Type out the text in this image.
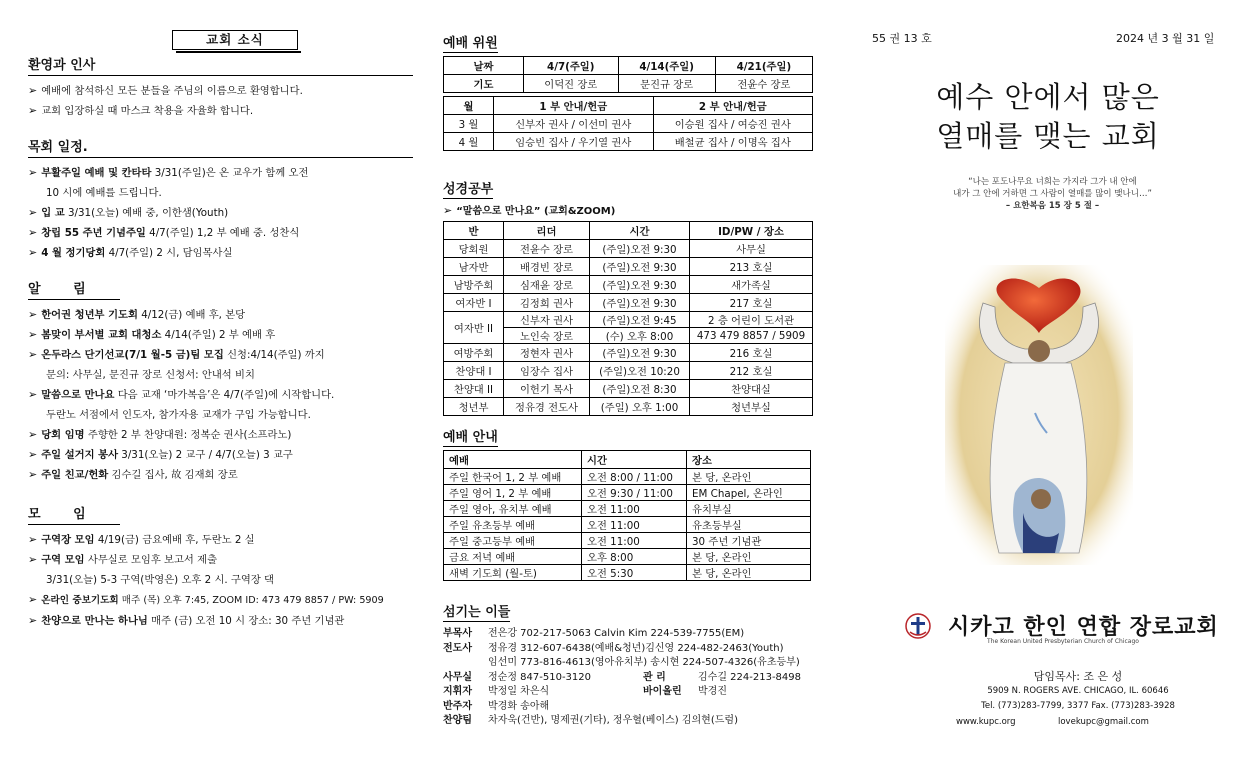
교회 소식
환영과 인사
➢ 예배에 참석하신 모든 분들을 주님의 이름으로 환영합니다.
➢ 교회 입장하실 때 마스크 착용을 자율화 합니다.
목회 일정.
➢ 부활주일 예배 및 칸타타 3/31(주일)은 온 교우가 함께 오전
10 시에 예배를 드립니다.
➢ 입 교 3/31(오늘) 예배 중, 이한샘(Youth)
➢ 창립 55 주년 기념주일 4/7(주일) 1,2 부 예배 중. 성찬식
➢ 4 월 정기당회 4/7(주일) 2 시, 담임목사실
알 림
➢ 한어권 청년부 기도회 4/12(금) 예배 후, 본당
➢ 봄맞이 부서별 교회 대청소 4/14(주일) 2 부 예배 후
➢ 온두라스 단기선교(7/1 월-5 금)팀 모집 신청:4/14(주일) 까지
문의: 사무실, 문진규 장로 신청서: 안내석 비치
➢ 말씀으로 만나요 다음 교재 ‘마가복음’은 4/7(주일)에 시작합니다.
두란노 서점에서 인도자, 참가자용 교재가 구입 가능합니다.
➢ 당회 임명 주향한 2 부 찬양대원: 정복순 권사(소프라노)
➢ 주일 설거지 봉사 3/31(오늘) 2 교구 / 4/7(오늘) 3 교구
➢ 주일 친교/헌화 김수길 집사, 故 김재희 장로
모 임
➢ 구역장 모임 4/19(금) 금요예배 후, 두란노 2 실
➢ 구역 모임 사무실로 모임후 보고서 제출
3/31(오늘) 5-3 구역(박영은) 오후 2 시. 구역장 댁
➢ 온라인 중보기도회 매주 (목) 오후 7:45, ZOOM ID: 473 479 8857 / PW: 5909
➢ 찬양으로 만나는 하나님 매주 (금) 오전 10 시 장소: 30 주년 기념관
예배 위원
날짜	4/7(주일)	4/14(주일)	4/21(주일)
기도	이덕진 장로	문진규 장로	전윤수 장로
월	1 부 안내/헌금	2 부 안내/헌금
3 월	신부자 권사 / 이선미 권사	이승원 집사 / 여승진 권사
4 월	임승빈 집사 / 우기열 권사	배철균 집사 / 이명옥 집사
성경공부
➢ “말씀으로 만나요” (교회&ZOOM)
반	리더	시간	ID/PW / 장소
당회원	전윤수 장로	(주일)오전 9:30	사무실
남자반	배경빈 장로	(주일)오전 9:30	213 호실
남방주회	심재윤 장로	(주일)오전 9:30	새가족실
여자반 I	김정희 권사	(주일)오전 9:30	217 호실
여자반 II	신부자 권사	(주일)오전 9:45	2 층 어린이 도서관
	노인숙 장로	(수) 오후 8:00	473 479 8857 / 5909
여방주회	정현자 권사	(주일)오전 9:30	216 호실
찬양대 I	임장수 집사	(주일)오전 10:20	212 호실
찬양대 II	이헌기 목사	(주일)오전 8:30	찬양대실
청년부	정유경 전도사	(주일) 오후 1:00	청년부실
예배 안내
예배	시간	장소
주일 한국어 1, 2 부 예배	오전 8:00 / 11:00	본 당, 온라인
주일 영어 1, 2 부 예배	오전 9:30 / 11:00	EM Chapel, 온라인
주일 영아, 유치부 예배	오전 11:00	유치부실
주일 유초등부 예배	오전 11:00	유초등부실
주일 중고등부 예배	오전 11:00	30 주년 기념관
금요 저녁 예배	오후 8:00	본 당, 온라인
새벽 기도회 (월-토)	오전 5:30	본 당, 온라인
섬기는 이들
부목사 전은강 702-217-5063 Calvin Kim 224-539-7755(EM)
전도사 정유경 312-607-6438(예배&청년)김신영 224-482-2463(Youth)
임선미 773-816-4613(영아유치부) 송시현 224-507-4326(유초등부)
사무실 정순정 847-510-3120	관 리	김수길 224-213-8498
지휘자 박정일 차은식	바이올린 박경진
반주자 박경화 송아해
찬양팀 차자욱(건반), 명제권(기타), 정우혈(베이스) 김의현(드럼)
55 권 13 호	2024 년 3 월 31 일
예수 안에서 많은
열매를 맺는 교회
“나는 포도나무요 너희는 가지라 그가 내 안에
내가 그 안에 거하면 그 사람이 열매를 많이 맺나니…”
– 요한복음 15 장 5 절 –
시카고 한인 연합 장로교회
The Korean United Presbyterian Church of Chicago
담임목사: 조 은 성
5909 N. ROGERS AVE. CHICAGO, IL. 60646
Tel. (773)283-7799, 3377 Fax. (773)283-3928
www.kupc.org	lovekupc@gmail.com
